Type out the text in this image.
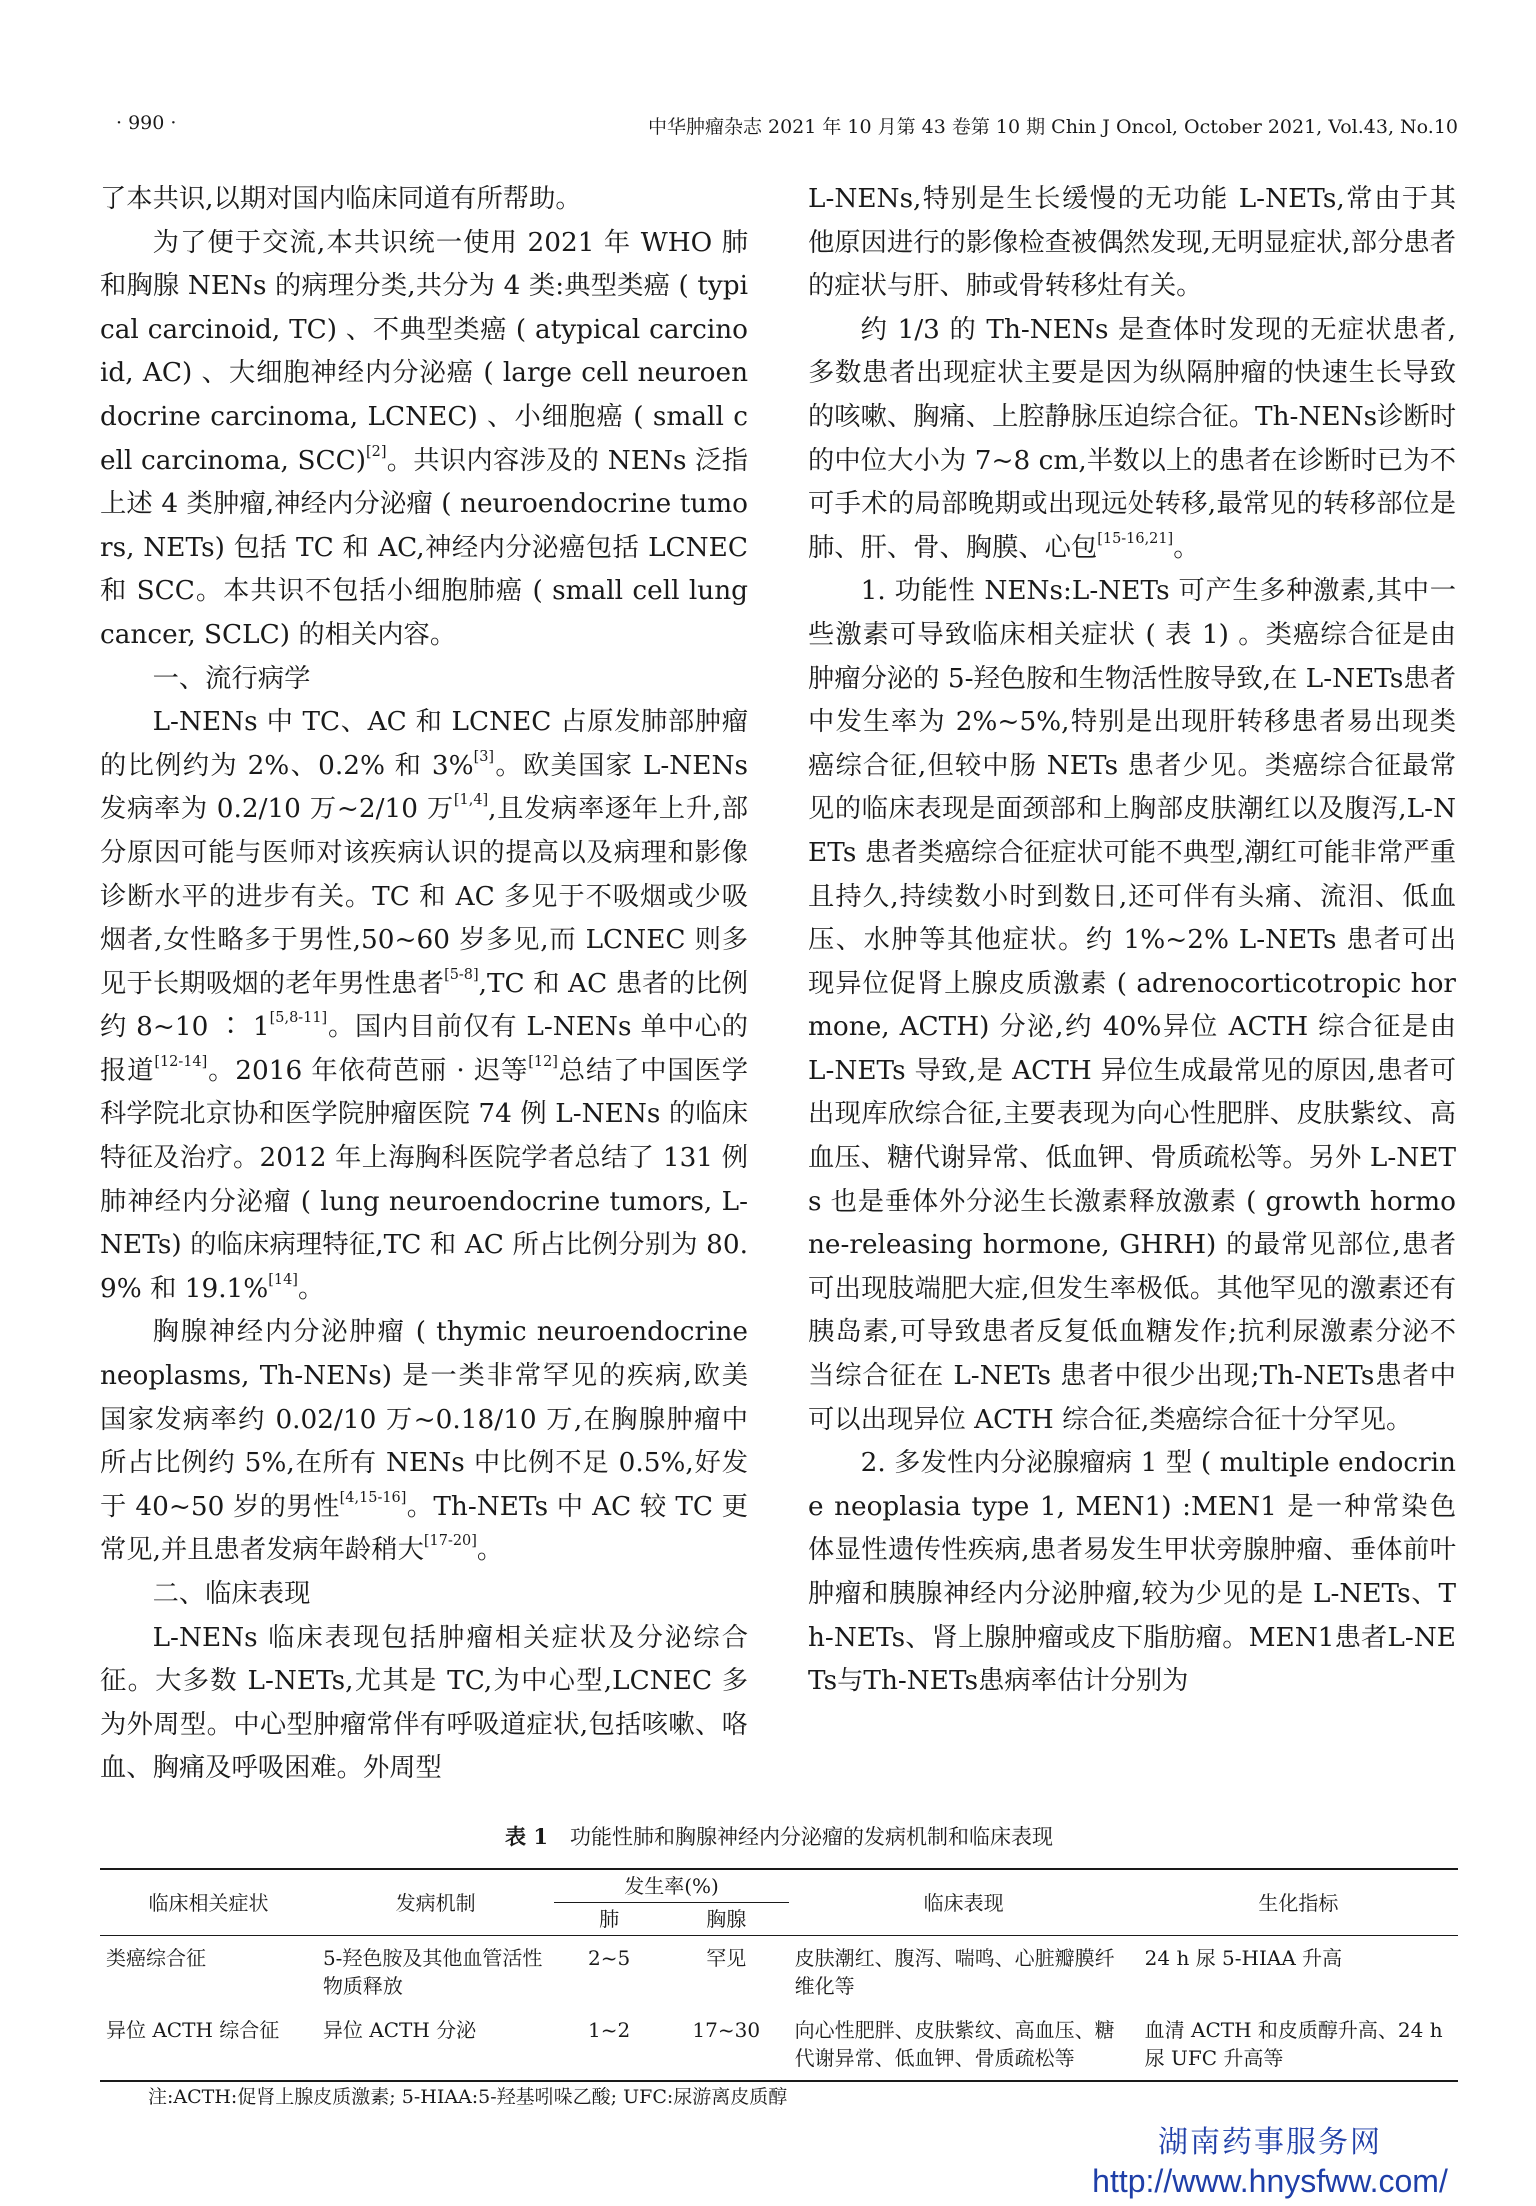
· 990 ·	中华肿瘤杂志 2021 年 10 月第 43 卷第 10 期 Chin J Oncol, October 2021, Vol.43, No.10

了本共识,以期对国内临床同道有所帮助。

为了便于交流,本共识统一使用 2021 年 WHO 肺和胸腺 NENs 的病理分类,共分为 4 类:典型类癌 ( typical carcinoid, TC) 、不典型类癌 ( atypical carcinoid, AC) 、大细胞神经内分泌癌 ( large cell neuroendocrine carcinoma, LCNEC) 、小细胞癌 ( small cell carcinoma, SCC)[2]。共识内容涉及的 NENs 泛指上述 4 类肿瘤,神经内分泌瘤 ( neuroendocrine tumors, NETs) 包括 TC 和 AC,神经内分泌癌包括 LCNEC 和 SCC。本共识不包括小细胞肺癌 ( small cell lung cancer, SCLC) 的相关内容。

一、流行病学

L-NENs 中 TC、AC 和 LCNEC 占原发肺部肿瘤的比例约为 2%、0.2% 和 3%[3]。欧美国家 L-NENs 发病率为 0.2/10 万~2/10 万[1,4],且发病率逐年上升,部分原因可能与医师对该疾病认识的提高以及病理和影像诊断水平的进步有关。TC 和 AC 多见于不吸烟或少吸烟者,女性略多于男性,50~60 岁多见,而 LCNEC 则多见于长期吸烟的老年男性患者[5-8],TC 和 AC 患者的比例约 8~10 ∶ 1[5,8-11]。国内目前仅有 L-NENs 单中心的报道[12-14]。2016 年依荷芭丽 · 迟等[12]总结了中国医学科学院北京协和医学院肿瘤医院 74 例 L-NENs 的临床特征及治疗。2012 年上海胸科医院学者总结了 131 例肺神经内分泌瘤 ( lung neuroendocrine tumors, L-NETs) 的临床病理特征,TC 和 AC 所占比例分别为 80.9% 和 19.1%[14]。

胸腺神经内分泌肿瘤 ( thymic neuroendocrine neoplasms, Th-NENs) 是一类非常罕见的疾病,欧美国家发病率约 0.02/10 万~0.18/10 万,在胸腺肿瘤中所占比例约 5%,在所有 NENs 中比例不足 0.5%,好发于 40~50 岁的男性[4,15-16]。Th-NETs 中 AC 较 TC 更常见,并且患者发病年龄稍大[17-20]。

二、临床表现

L-NENs 临床表现包括肿瘤相关症状及分泌综合征。大多数 L-NETs,尤其是 TC,为中心型,LCNEC 多为外周型。中心型肿瘤常伴有呼吸道症状,包括咳嗽、咯血、胸痛及呼吸困难。外周型

L-NENs,特别是生长缓慢的无功能 L-NETs,常由于其他原因进行的影像检查被偶然发现,无明显症状,部分患者的症状与肝、肺或骨转移灶有关。

约 1/3 的 Th-NENs 是查体时发现的无症状患者,多数患者出现症状主要是因为纵隔肿瘤的快速生长导致的咳嗽、胸痛、上腔静脉压迫综合征。Th-NENs诊断时的中位大小为 7~8 cm,半数以上的患者在诊断时已为不可手术的局部晚期或出现远处转移,最常见的转移部位是肺、肝、骨、胸膜、心包[15-16,21]。

1. 功能性 NENs:L-NETs 可产生多种激素,其中一些激素可导致临床相关症状 ( 表 1) 。类癌综合征是由肿瘤分泌的 5-羟色胺和生物活性胺导致,在 L-NETs患者中发生率为 2%~5%,特别是出现肝转移患者易出现类癌综合征,但较中肠 NETs 患者少见。类癌综合征最常见的临床表现是面颈部和上胸部皮肤潮红以及腹泻,L-NETs 患者类癌综合征症状可能不典型,潮红可能非常严重且持久,持续数小时到数日,还可伴有头痛、流泪、低血压、水肿等其他症状。约 1%~2% L-NETs 患者可出现异位促肾上腺皮质激素 ( adrenocorticotropic hormone, ACTH) 分泌,约 40%异位 ACTH 综合征是由 L-NETs 导致,是 ACTH 异位生成最常见的原因,患者可出现库欣综合征,主要表现为向心性肥胖、皮肤紫纹、高血压、糖代谢异常、低血钾、骨质疏松等。另外 L-NETs 也是垂体外分泌生长激素释放激素 ( growth hormone-releasing hormone, GHRH) 的最常见部位,患者可出现肢端肥大症,但发生率极低。其他罕见的激素还有胰岛素,可导致患者反复低血糖发作;抗利尿激素分泌不当综合征在 L-NETs 患者中很少出现;Th-NETs患者中可以出现异位 ACTH 综合征,类癌综合征十分罕见。

2. 多发性内分泌腺瘤病 1 型 ( multiple endocrine neoplasia type 1, MEN1) :MEN1 是一种常染色体显性遗传性疾病,患者易发生甲状旁腺肿瘤、垂体前叶肿瘤和胰腺神经内分泌肿瘤,较为少见的是 L-NETs、Th-NETs、肾上腺肿瘤或皮下脂肪瘤。MEN1患者L-NETs与Th-NETs患病率估计分别为

表 1 功能性肺和胸腺神经内分泌瘤的发病机制和临床表现
临床相关症状	发病机制	发生率(%)		临床表现	生化指标
		肺	胸腺		
类癌综合征	5-羟色胺及其他血管活性物质释放	2~5	罕见	皮肤潮红、腹泻、喘鸣、心脏瓣膜纤维化等	24 h 尿 5-HIAA 升高
异位 ACTH 综合征	异位 ACTH 分泌	1~2	17~30	向心性肥胖、皮肤紫纹、高血压、糖代谢异常、低血钾、骨质疏松等	血清 ACTH 和皮质醇升高、24 h 尿 UFC 升高等
注:ACTH:促肾上腺皮质激素; 5-HIAA:5-羟基吲哚乙酸; UFC:尿游离皮质醇
湖南药事服务网
http://www.hnysfww.com/
